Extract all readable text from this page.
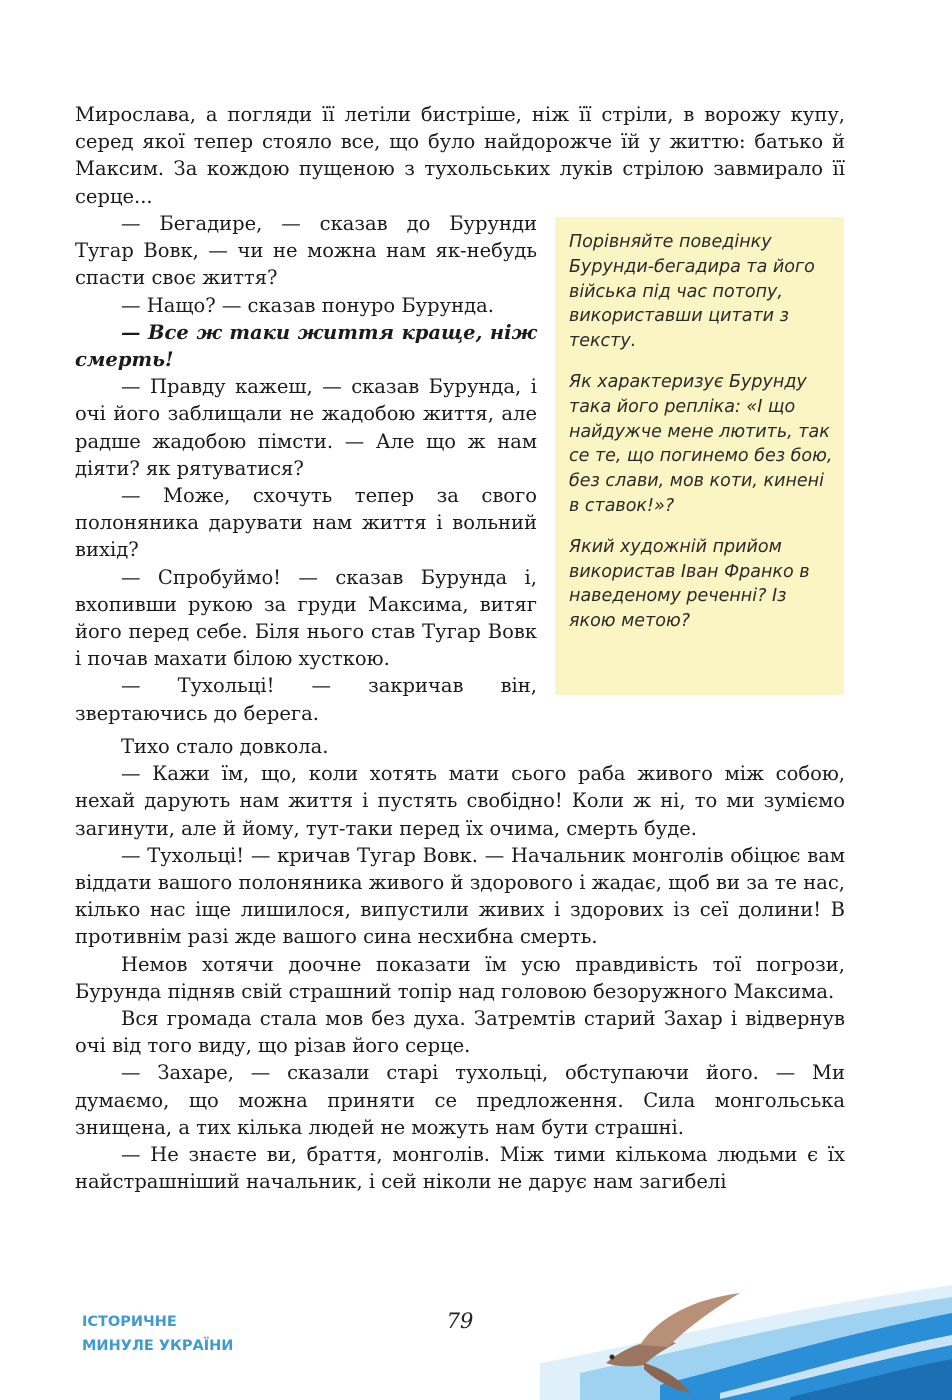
Мирослава, а погляди її летіли бистріше, ніж її стріли, в ворожу купу, серед якої тепер стояло все, що було найдорожче їй у життю: батько й Максим. За кождою пущеною з тухольських луків стрілою завмирало її серце...

— Бегадире, — сказав до Бурунди Тугар Вовк, — чи не можна нам як-небудь спасти своє життя?

— Нащо? — сказав понуро Бурунда.

— Все ж таки життя краще, ніж смерть!

— Правду кажеш, — сказав Бурунда, і очі його заблищали не жадобою життя, але радше жадобою пімсти. — Але що ж нам діяти? як рятуватися?

— Може, схочуть тепер за свого полоняника дарувати нам життя і вольний вихід?

— Спробуймо! — сказав Бурунда і, вхопивши рукою за груди Максима, витяг його перед себе. Біля нього став Тугар Вовк і почав махати білою хусткою.

— Тухольці! — закричав він, звертаючись до берега.

Порівняйте поведінку Бурунди-бегадира та його війська під час потопу, використавши цитати з тексту.

Як характеризує Бурунду така його репліка: «І що найдужче мене лютить, так се те, що погинемо без бою, без слави, мов коти, кинені в ставок!»?

Який художній прийом використав Іван Франко в наведеному реченні? Із якою метою?

Тихо стало довкола.

— Кажи їм, що, коли хотять мати сього раба живого між собою, нехай дарують нам життя і пустять свобідно! Коли ж ні, то ми зуміємо загинути, але й йому, тут-таки перед їх очима, смерть буде.

— Тухольці! — кричав Тугар Вовк. — Начальник монголів обіцює вам віддати вашого полоняника живого й здорового і жадає, щоб ви за те нас, кілько нас іще лишилося, випустили живих і здорових із сеї долини! В противнім разі жде вашого сина несхибна смерть.

Немов хотячи доочне показати їм усю правдивість тої погрози, Бурунда підняв свій страшний топір над головою безоружного Максима.

Вся громада стала мов без духа. Затремтів старий Захар і відвернув очі від того виду, що різав його серце.

— Захаре, — сказали старі тухольці, обступаючи його. — Ми думаємо, що можна приняти се предложення. Сила монгольська знищена, а тих кілька людей не можуть нам бути страшні.

— Не знаєте ви, браття, монголів. Між тими кількома людьми є їх найстрашніший начальник, і сей ніколи не дарує нам загибелі

ІСТОРИЧНЕ
МИНУЛЕ УКРАЇНИ
79
